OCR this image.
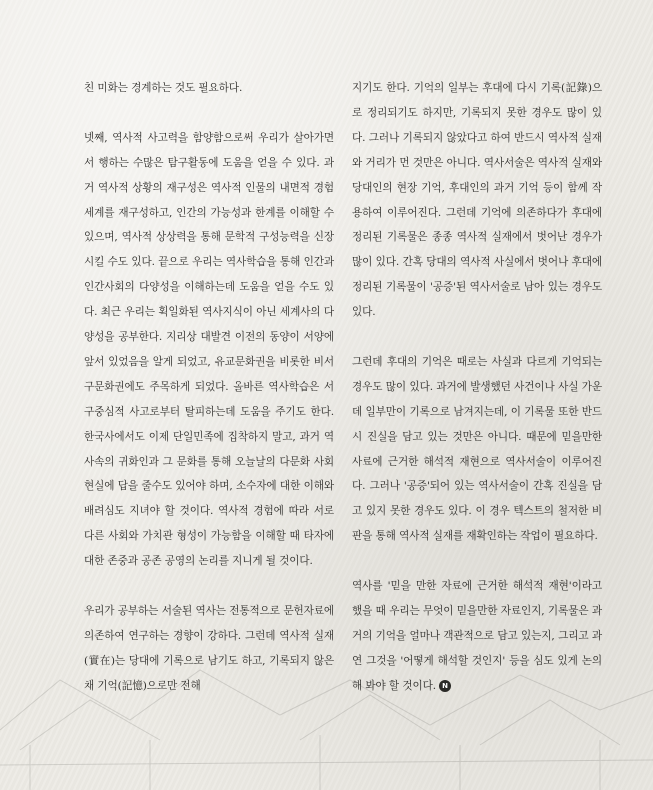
친 미화는 경계하는 것도 필요하다.

넷째, 역사적 사고력을 함양함으로써 우리가 살아가면서 행하는 수많은 탐구활동에 도움을 얻을 수 있다. 과거 역사적 상황의 재구성은 역사적 인물의 내면적 경험세계를 재구성하고, 인간의 가능성과 한계를 이해할 수 있으며, 역사적 상상력을 통해 문학적 구성능력을 신장시킬 수도 있다. 끝으로 우리는 역사학습을 통해 인간과 인간사회의 다양성을 이해하는데 도움을 얻을 수도 있다. 최근 우리는 획일화된 역사지식이 아닌 세계사의 다양성을 공부한다. 지리상 대발견 이전의 동양이 서양에 앞서 있었음을 알게 되었고, 유교문화권을 비롯한 비서구문화권에도 주목하게 되었다. 올바른 역사학습은 서구중심적 사고로부터 탈피하는데 도움을 주기도 한다. 한국사에서도 이제 단일민족에 집착하지 말고, 과거 역사속의 귀화인과 그 문화를 통해 오늘날의 다문화 사회 현실에 답을 줄수도 있어야 하며, 소수자에 대한 이해와 배려심도 지녀야 할 것이다. 역사적 경험에 따라 서로 다른 사회와 가치관 형성이 가능함을 이해할 때 타자에 대한 존중과 공존 공영의 논리를 지니게 될 것이다.

우리가 공부하는 서술된 역사는 전통적으로 문헌자료에 의존하여 연구하는 경향이 강하다. 그런데 역사적 실재(實在)는 당대에 기록으로 남기도 하고, 기록되지 않은 채 기억(記憶)으로만 전해

지기도 한다. 기억의 일부는 후대에 다시 기록(記錄)으로 정리되기도 하지만, 기록되지 못한 경우도 많이 있다. 그러나 기록되지 않았다고 하여 반드시 역사적 실재와 거리가 먼 것만은 아니다. 역사서술은 역사적 실재와 당대인의 현장 기억, 후대인의 과거 기억 등이 함께 작용하여 이루어진다. 그런데 기억에 의존하다가 후대에 정리된 기록물은 종종 역사적 실재에서 벗어난 경우가 많이 있다. 간혹 당대의 역사적 사실에서 벗어나 후대에 정리된 기록물이 '공증'된 역사서술로 남아 있는 경우도 있다.

그런데 후대의 기억은 때로는 사실과 다르게 기억되는 경우도 많이 있다. 과거에 발생했던 사건이나 사실 가운데 일부만이 기록으로 남겨지는데, 이 기록물 또한 반드시 진실을 담고 있는 것만은 아니다. 때문에 믿을만한 사료에 근거한 해석적 재현으로 역사서술이 이루어진다. 그러나 '공증'되어 있는 역사서술이 간혹 진실을 담고 있지 못한 경우도 있다. 이 경우 텍스트의 철저한 비판을 통해 역사적 실재를 재확인하는 작업이 필요하다.

역사를 '믿을 만한 자료에 근거한 해석적 재현'이라고 했을 때 우리는 무엇이 믿을만한 자료인지, 기록물은 과거의 기억을 얼마나 객관적으로 담고 있는지, 그리고 과연 그것을 '어떻게 해석할 것인지' 등을 심도 있게 논의해 봐야 할 것이다. N
